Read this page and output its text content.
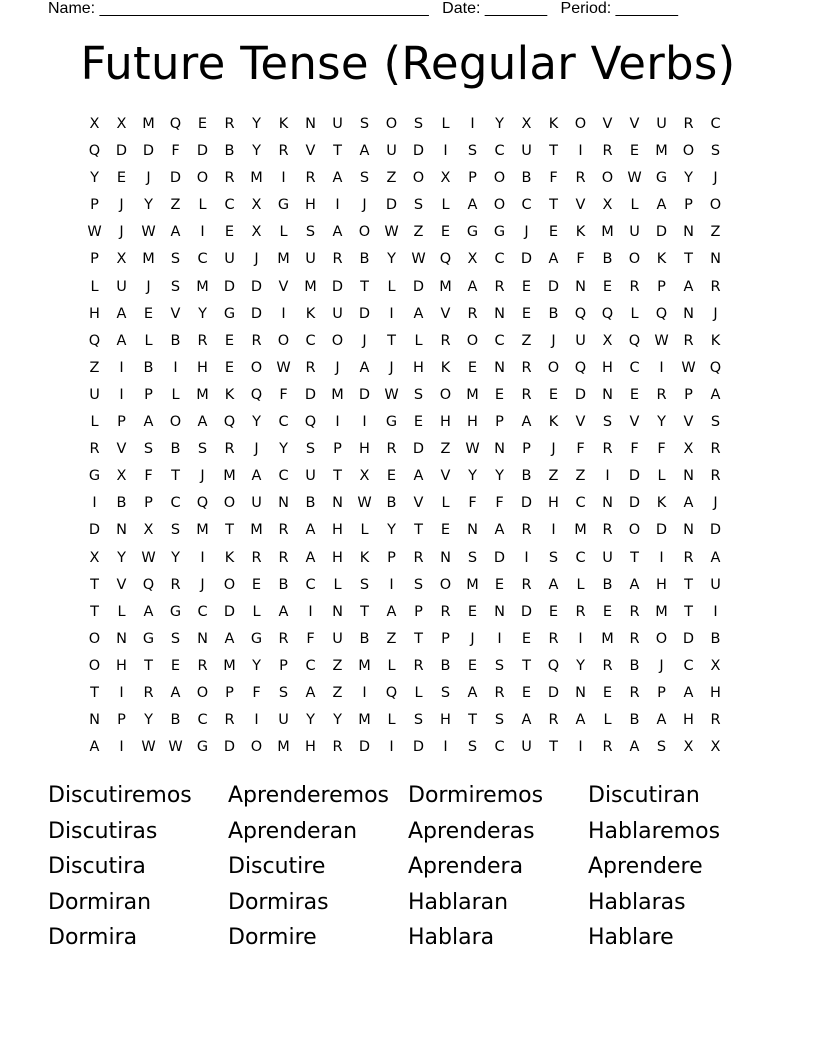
Name: _____________________________________ Date: _______ Period: _______
Future Tense (Regular Verbs)
X	X	M	Q	E	R	Y	K	N	U	S	O	S	L	I	Y	X	K	O	V	V	U	R	C
Q	D	D	F	D	B	Y	R	V	T	A	U	D	I	S	C	U	T	I	R	E	M	O	S
Y	E	J	D	O	R	M	I	R	A	S	Z	O	X	P	O	B	F	R	O W G	Y	J
P	J	Y	Z	L	C	X	G	H	I	J	D	S	L	A	O	C	T	V	X	L	A	P	O
W	J	W	A	I	E	X	L	S	A	O W	Z	E	G	G	J	E	K	M	U	D	N	Z
P	X	M	S	C	U	J	M	U	R	B	Y	W Q	X	C	D	A	F	B	O	K	T	N
L	U	J	S	M	D	D	V	M	D	T	L	D	M	A	R	E	D	N	E	R	P	A	R
H	A	E	V	Y	G	D	I	K	U	D	I	A	V	R	N	E	B	Q	Q	L	Q	N	J
Q	A	L	B	R	E	R	O	C	O	J	T	L	R	O	C	Z	J	U	X	Q W	R	K
Z	I	B	I	H	E	O W	R	J	A	J	H	K	E	N	R	O	Q	H	C	I	W Q
U	I	P	L	M	K	Q	F	D	M	D W	S	O	M	E	R	E	D	N	E	R	P	A
L	P	A	O	A	Q	Y	C	Q	I	I	G	E	H	H	P	A	K	V	S	V	Y	V	S
R	V	S	B	S	R	J	Y	S	P	H	R	D	Z	W N	P	J	F	R	F	F	X	R
G	X	F	T	J	M	A	C	U	T	X	E	A	V	Y	Y	B	Z	Z	I	D	L	N	R
I	B	P	C	Q	O	U	N	B	N W	B	V	L	F	F	D	H	C	N	D	K	A	J
D	N	X	S	M	T	M	R	A	H	L	Y	T	E	N	A	R	I	M	R	O	D	N	D
X	Y	W	Y	I	K	R	R	A	H	K	P	R	N	S	D	I	S	C	U	T	I	R	A
T	V	Q	R	J	O	E	B	C	L	S	I	S	O	M	E	R	A	L	B	A	H	T	U
T	L	A	G	C	D	L	A	I	N	T	A	P	R	E	N	D	E	R	E	R	M	T	I
O	N	G	S	N	A	G	R	F	U	B	Z	T	P	J	I	E	R	I	M	R	O	D	B
O	H	T	E	R	M	Y	P	C	Z	M	L	R	B	E	S	T	Q	Y	R	B	J	C	X
T	I	R	A	O	P	F	S	A	Z	I	Q	L	S	A	R	E	D	N	E	R	P	A	H
N	P	Y	B	C	R	I	U	Y	Y	M	L	S	H	T	S	A	R	A	L	B	A	H	R
A	I	W W G	D	O	M	H	R	D	I	D	I	S	C	U	T	I	R	A	S	X	X
Discutiremos	Aprenderemos Dormiremos	Discutiran
Discutiras	Aprenderan	Aprenderas	Hablaremos
Discutira	Discutire	Aprendera	Aprendere
Dormiran	Dormiras	Hablaran	Hablaras
Dormira	Dormire	Hablara	Hablare
